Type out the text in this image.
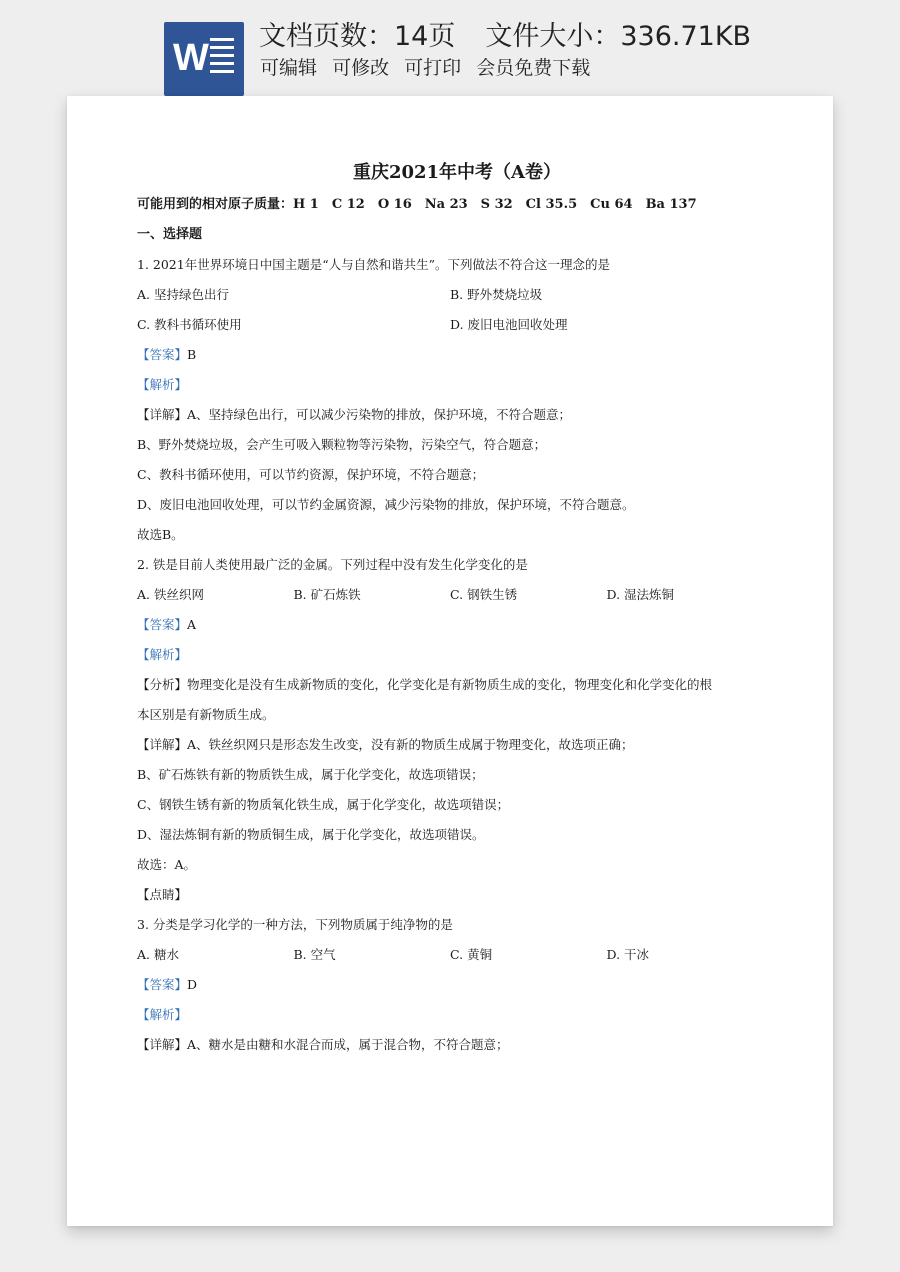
W
文档页数：14页 文件大小：336.71KB
可编辑 可修改 可打印 会员免费下载
重庆2021年中考（A卷）
可能用到的相对原子质量：H 1　C 12　O 16　Na 23　S 32　Cl 35.5　Cu 64　Ba 137
一、选择题
1. 2021年世界环境日中国主题是“人与自然和谐共生”。下列做法不符合这一理念的是
A. 坚持绿色出行	B. 野外焚烧垃圾
C. 教科书循环使用	D. 废旧电池回收处理
【答案】B
【解析】
【详解】A、坚持绿色出行，可以减少污染物的排放，保护环境，不符合题意；
B、野外焚烧垃圾，会产生可吸入颗粒物等污染物，污染空气，符合题意；
C、教科书循环使用，可以节约资源，保护环境，不符合题意；
D、废旧电池回收处理，可以节约金属资源，减少污染物的排放，保护环境，不符合题意。
故选B。
2. 铁是目前人类使用最广泛的金属。下列过程中没有发生化学变化的是
A. 铁丝织网	B. 矿石炼铁	C. 钢铁生锈	D. 湿法炼铜
【答案】A
【解析】
【分析】物理变化是没有生成新物质的变化，化学变化是有新物质生成的变化，物理变化和化学变化的根
本区别是有新物质生成。
【详解】A、铁丝织网只是形态发生改变，没有新的物质生成属于物理变化，故选项正确；
B、矿石炼铁有新的物质铁生成，属于化学变化，故选项错误；
C、钢铁生锈有新的物质氧化铁生成，属于化学变化，故选项错误；
D、湿法炼铜有新的物质铜生成，属于化学变化，故选项错误。
故选：A。
【点睛】
3. 分类是学习化学的一种方法，下列物质属于纯净物的是
A. 糖水	B. 空气	C. 黄铜	D. 干冰
【答案】D
【解析】
【详解】A、糖水是由糖和水混合而成，属于混合物，不符合题意；
